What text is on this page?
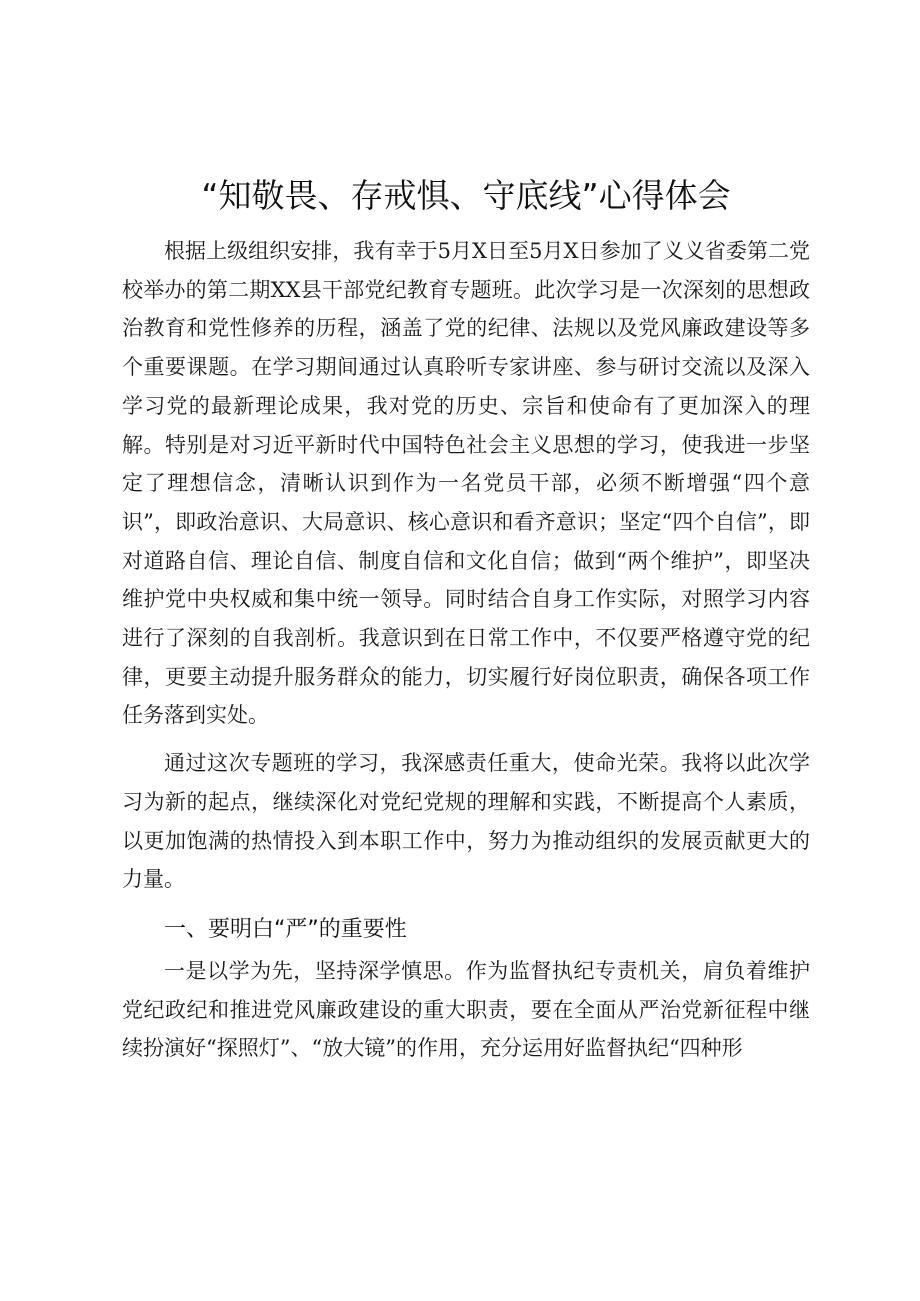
“知敬畏、存戒惧、守底线”心得体会

根据上级组织安排，我有幸于5月X日至5月X日参加了义义省委第二党校举办的第二期XX县干部党纪教育专题班。此次学习是一次深刻的思想政治教育和党性修养的历程，涵盖了党的纪律、法规以及党风廉政建设等多个重要课题。在学习期间通过认真聆听专家讲座、参与研讨交流以及深入学习党的最新理论成果，我对党的历史、宗旨和使命有了更加深入的理解。特别是对习近平新时代中国特色社会主义思想的学习，使我进一步坚定了理想信念，清晰认识到作为一名党员干部，必须不断增强“四个意识”，即政治意识、大局意识、核心意识和看齐意识；坚定“四个自信”，即对道路自信、理论自信、制度自信和文化自信；做到“两个维护”，即坚决维护党中央权威和集中统一领导。同时结合自身工作实际，对照学习内容进行了深刻的自我剖析。我意识到在日常工作中，不仅要严格遵守党的纪律，更要主动提升服务群众的能力，切实履行好岗位职责，确保各项工作任务落到实处。

通过这次专题班的学习，我深感责任重大，使命光荣。我将以此次学习为新的起点，继续深化对党纪党规的理解和实践，不断提高个人素质，以更加饱满的热情投入到本职工作中，努力为推动组织的发展贡献更大的力量。

一、要明白“严”的重要性

一是以学为先，坚持深学慎思。作为监督执纪专责机关，肩负着维护党纪政纪和推进党风廉政建设的重大职责，要在全面从严治党新征程中继续扮演好“探照灯”、“放大镜”的作用，充分运用好监督执纪“四种形
